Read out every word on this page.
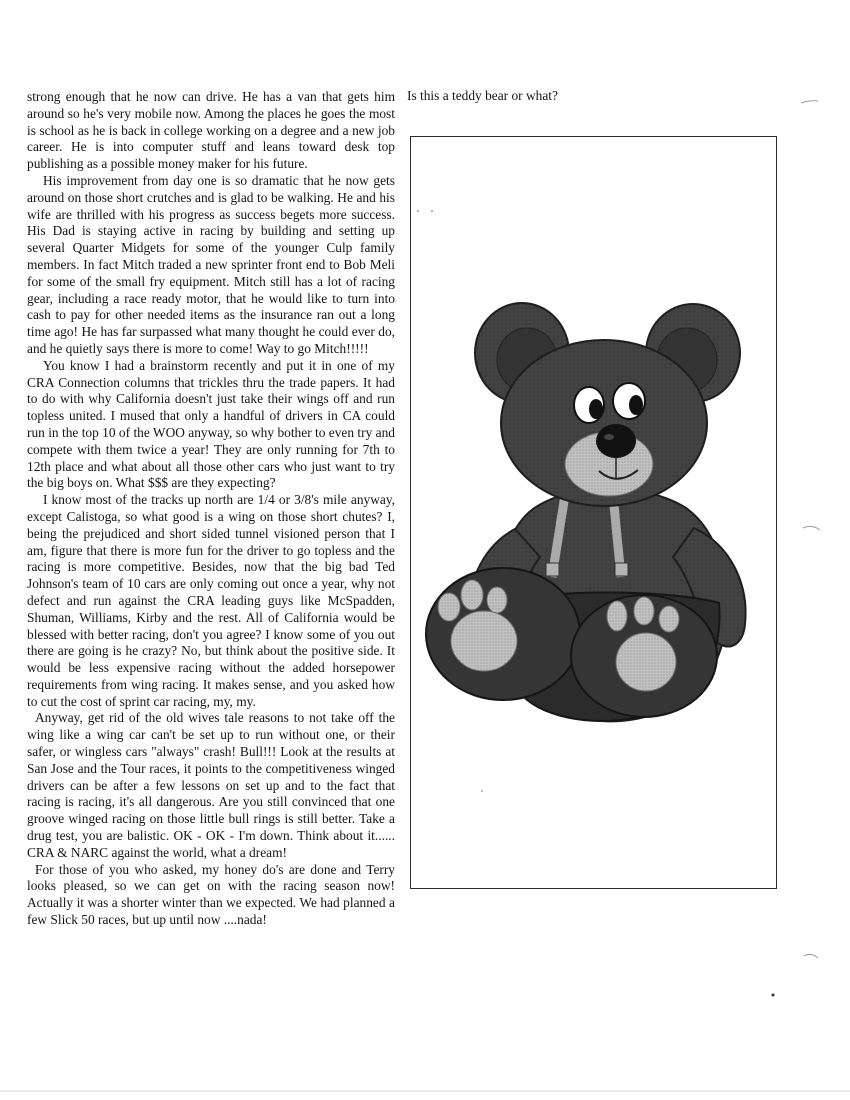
strong enough that he now can drive. He has a van that gets him around so he's very mobile now. Among the places he goes the most is school as he is back in college working on a degree and a new job career. He is into computer stuff and leans toward desk top publishing as a possible money maker for his future.

His improvement from day one is so dramatic that he now gets around on those short crutches and is glad to be walking. He and his wife are thrilled with his progress as success begets more success. His Dad is staying active in racing by building and setting up several Quarter Midgets for some of the younger Culp family members. In fact Mitch traded a new sprinter front end to Bob Meli for some of the small fry equipment. Mitch still has a lot of racing gear, including a race ready motor, that he would like to turn into cash to pay for other needed items as the insurance ran out a long time ago! He has far surpassed what many thought he could ever do, and he quietly says there is more to come! Way to go Mitch!!!!!

You know I had a brainstorm recently and put it in one of my CRA Connection columns that trickles thru the trade papers. It had to do with why California doesn't just take their wings off and run topless united. I mused that only a handful of drivers in CA could run in the top 10 of the WOO anyway, so why bother to even try and compete with them twice a year! They are only running for 7th to 12th place and what about all those other cars who just want to try the big boys on. What $$$ are they expecting?

I know most of the tracks up north are 1/4 or 3/8's mile anyway, except Calistoga, so what good is a wing on those short chutes? I, being the prejudiced and short sided tunnel visioned person that I am, figure that there is more fun for the driver to go topless and the racing is more competitive. Besides, now that the big bad Ted Johnson's team of 10 cars are only coming out once a year, why not defect and run against the CRA leading guys like McSpadden, Shuman, Williams, Kirby and the rest. All of California would be blessed with better racing, don't you agree? I know some of you out there are going is he crazy? No, but think about the positive side. It would be less expensive racing without the added horsepower requirements from wing racing. It makes sense, and you asked how to cut the cost of sprint car racing, my, my.

Anyway, get rid of the old wives tale reasons to not take off the wing like a wing car can't be set up to run without one, or their safer, or wingless cars "always" crash! Bull!!! Look at the results at San Jose and the Tour races, it points to the competitiveness winged drivers can be after a few lessons on set up and to the fact that racing is racing, it's all dangerous. Are you still convinced that one groove winged racing on those little bull rings is still better. Take a drug test, you are balistic. OK - OK - I'm down. Think about it...... CRA & NARC against the world, what a dream!

For those of you who asked, my honey do's are done and Terry looks pleased, so we can get on with the racing season now! Actually it was a shorter winter than we expected. We had planned a few Slick 50 races, but up until now ....nada!

Is this a teddy bear or what?
